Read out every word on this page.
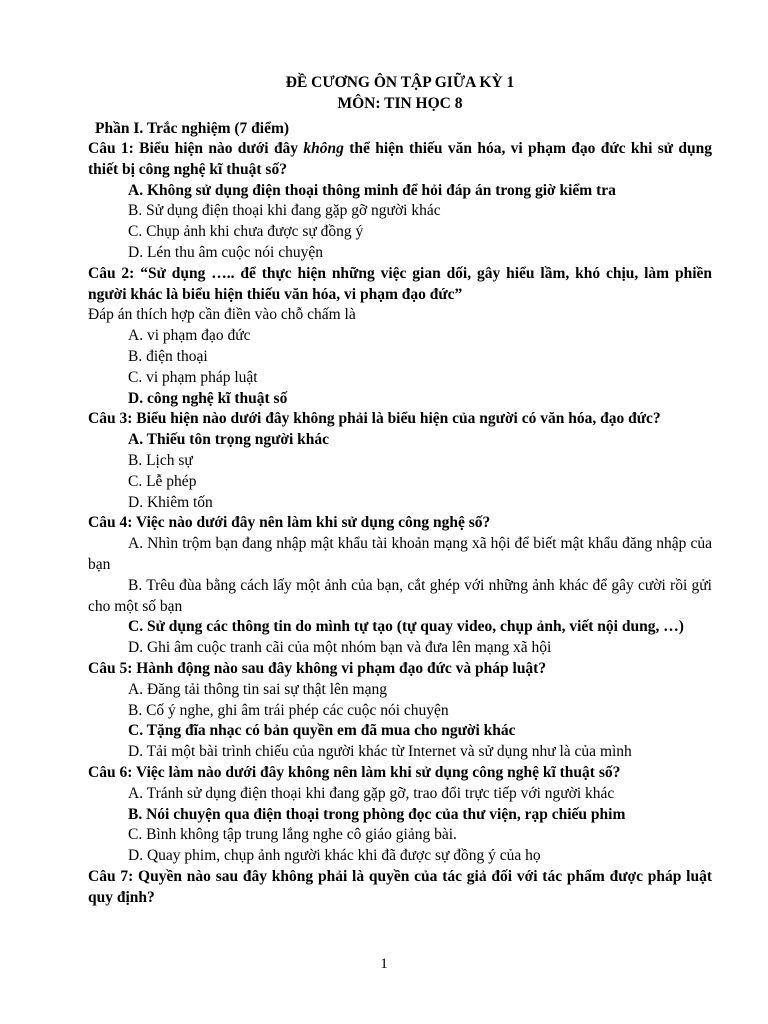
ĐỀ CƯƠNG ÔN TẬP GIỮA KỲ 1
MÔN: TIN HỌC 8
Phần I. Trắc nghiệm (7 điểm)
Câu 1: Biểu hiện nào dưới đây không thể hiện thiếu văn hóa, vi phạm đạo đức khi sử dụng thiết bị công nghệ kĩ thuật số?
A. Không sử dụng điện thoại thông minh để hỏi đáp án trong giờ kiểm tra
B. Sử dụng điện thoại khi đang gặp gỡ người khác
C. Chụp ảnh khi chưa được sự đồng ý
D. Lén thu âm cuộc nói chuyện
Câu 2: “Sử dụng ….. để thực hiện những việc gian dối, gây hiểu lầm, khó chịu, làm phiền người khác là biểu hiện thiếu văn hóa, vi phạm đạo đức”
Đáp án thích hợp cần điền vào chỗ chấm là
A. vi phạm đạo đức
B. điện thoại
C. vi phạm pháp luật
D. công nghệ kĩ thuật số
Câu 3: Biểu hiện nào dưới đây không phải là biểu hiện của người có văn hóa, đạo đức?
A. Thiếu tôn trọng người khác
B. Lịch sự
C. Lễ phép
D. Khiêm tốn
Câu 4: Việc nào dưới đây nên làm khi sử dụng công nghệ số?
A. Nhìn trộm bạn đang nhập mật khẩu tài khoản mạng xã hội để biết mật khẩu đăng nhập của bạn
B. Trêu đùa bằng cách lấy một ảnh của bạn, cắt ghép với những ảnh khác để gây cười rồi gửi cho một số bạn
C. Sử dụng các thông tin do mình tự tạo (tự quay video, chụp ảnh, viết nội dung, …)
D. Ghi âm cuộc tranh cãi của một nhóm bạn và đưa lên mạng xã hội
Câu 5: Hành động nào sau đây không vi phạm đạo đức và pháp luật?
A. Đăng tải thông tin sai sự thật lên mạng
B. Cố ý nghe, ghi âm trái phép các cuộc nói chuyện
C. Tặng đĩa nhạc có bản quyền em đã mua cho người khác
D. Tải một bài trình chiếu của người khác từ Internet và sử dụng như là của mình
Câu 6: Việc làm nào dưới đây không nên làm khi sử dụng công nghệ kĩ thuật số?
A. Tránh sử dụng điện thoại khi đang gặp gỡ, trao đổi trực tiếp với người khác
B. Nói chuyện qua điện thoại trong phòng đọc của thư viện, rạp chiếu phim
C. Bình không tập trung lắng nghe cô giáo giảng bài.
D. Quay phim, chụp ảnh người khác khi đã được sự đồng ý của họ
Câu 7: Quyền nào sau đây không phải là quyền của tác giả đối với tác phẩm được pháp luật quy định?
1
